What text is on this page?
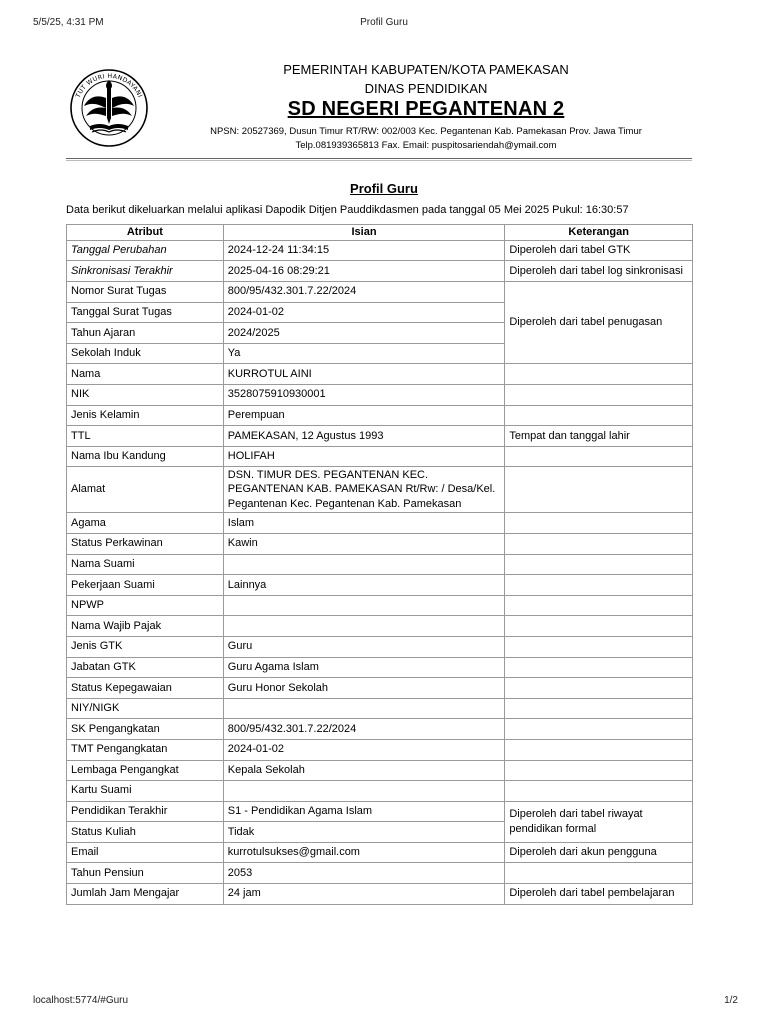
5/5/25, 4:31 PM	Profil Guru
TUT WURI HANDAYANI
PEMERINTAH KABUPATEN/KOTA PAMEKASAN
DINAS PENDIDIKAN
SD NEGERI PEGANTENAN 2
NPSN: 20527369, Dusun Timur RT/RW: 002/003 Kec. Pegantenan Kab. Pamekasan Prov. Jawa Timur
Telp.081939365813 Fax. Email: puspitosariendah@ymail.com
Profil Guru
Data berikut dikeluarkan melalui aplikasi Dapodik Ditjen Pauddikdasmen pada tanggal 05 Mei 2025 Pukul: 16:30:57
Atribut	Isian	Keterangan
Tanggal Perubahan	2024-12-24 11:34:15	Diperoleh dari tabel GTK
Sinkronisasi Terakhir	2025-04-16 08:29:21	Diperoleh dari tabel log sinkronisasi
Nomor Surat Tugas	800/95/432.301.7.22/2024	Diperoleh dari tabel penugasan
Tanggal Surat Tugas	2024-01-02	
Tahun Ajaran	2024/2025	
Sekolah Induk	Ya	
Nama	KURROTUL AINI	
NIK	3528075910930001	
Jenis Kelamin	Perempuan	
TTL	PAMEKASAN, 12 Agustus 1993	Tempat dan tanggal lahir
Nama Ibu Kandung	HOLIFAH	
Alamat	DSN. TIMUR DES. PEGANTENAN KEC. PEGANTENAN KAB. PAMEKASAN Rt/Rw: / Desa/Kel. Pegantenan Kec. Pegantenan Kab. Pamekasan	
Agama	Islam	
Status Perkawinan	Kawin	
Nama Suami		
Pekerjaan Suami	Lainnya	
NPWP		
Nama Wajib Pajak		
Jenis GTK	Guru	
Jabatan GTK	Guru Agama Islam	
Status Kepegawaian	Guru Honor Sekolah	
NIY/NIGK		
SK Pengangkatan	800/95/432.301.7.22/2024	
TMT Pengangkatan	2024-01-02	
Lembaga Pengangkat	Kepala Sekolah	
Kartu Suami		
Pendidikan Terakhir	S1 - Pendidikan Agama Islam	Diperoleh dari tabel riwayat pendidikan formal
Status Kuliah	Tidak	
Email	kurrotulsukses@gmail.com	Diperoleh dari akun pengguna
Tahun Pensiun	2053	
Jumlah Jam Mengajar	24 jam	Diperoleh dari tabel pembelajaran
localhost:5774/#Guru	1/2
